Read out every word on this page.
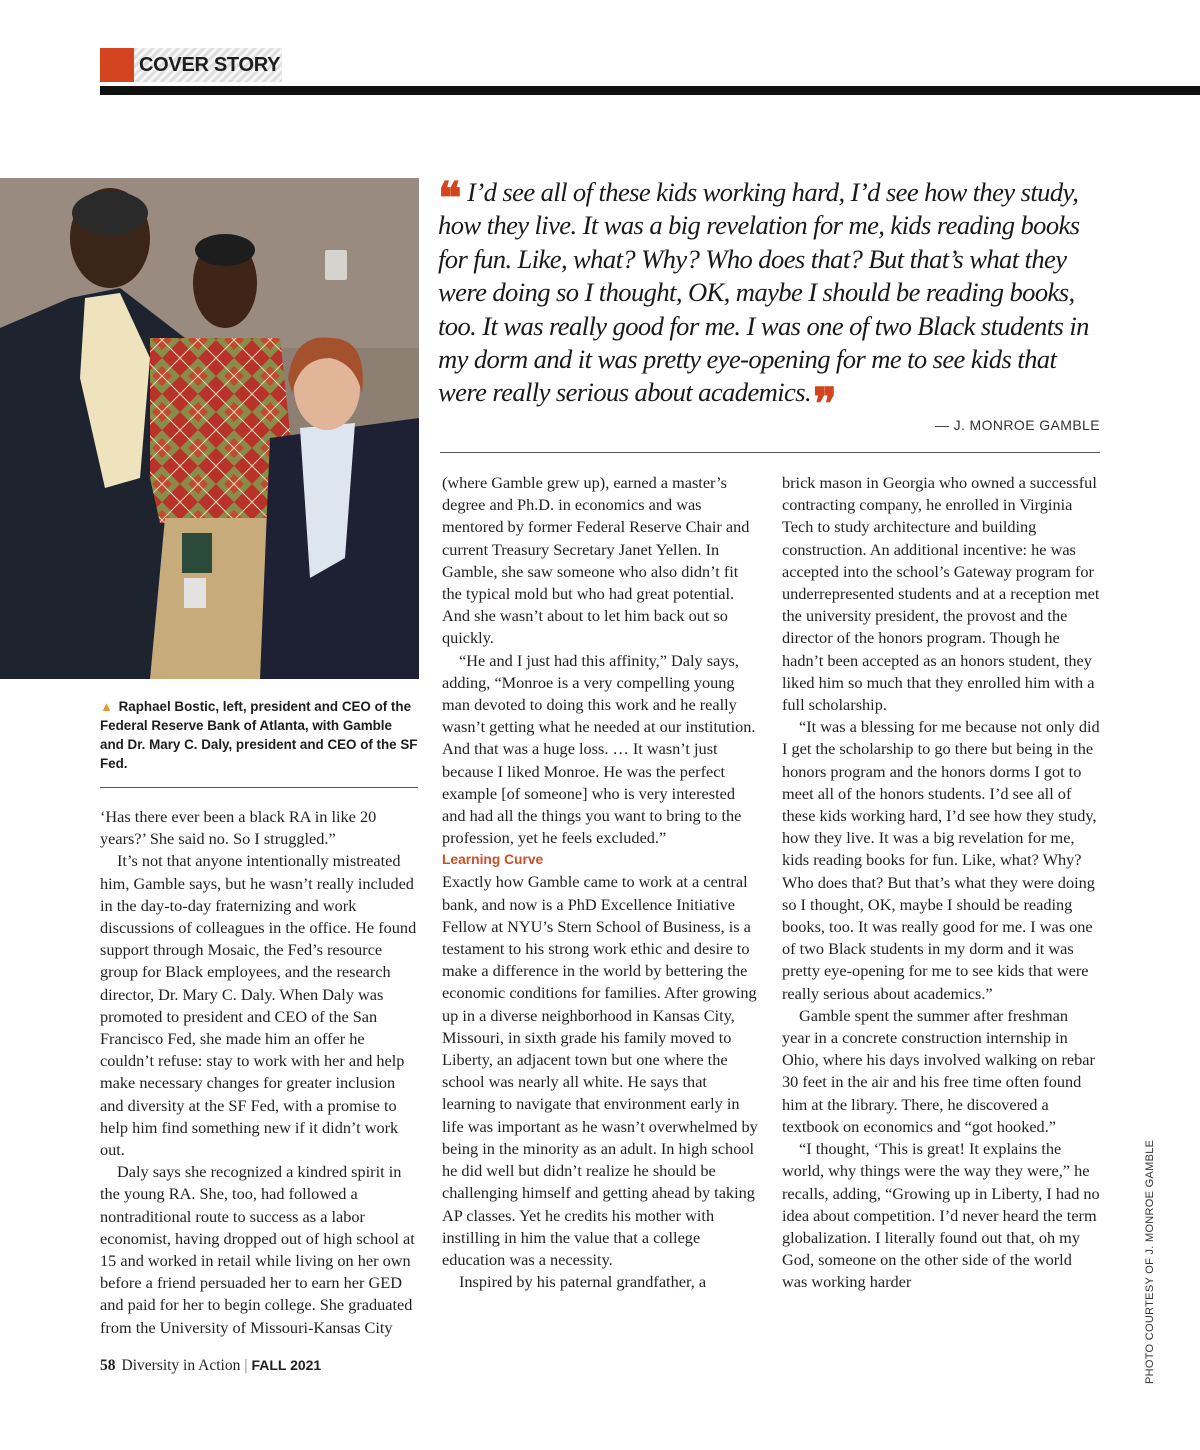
COVER STORY
▲ Raphael Bostic, left, president and CEO of the Federal Reserve Bank of Atlanta, with Gamble and Dr. Mary C. Daly, president and CEO of the SF Fed.
❝ I’d see all of these kids working hard, I’d see how they study, how they live. It was a big revelation for me, kids reading books for fun. Like, what? Why? Who does that? But that’s what they were doing so I thought, OK, maybe I should be reading books, too. It was really good for me. I was one of two Black students in my dorm and it was pretty eye-opening for me to see kids that were really serious about academics.❞	— J. MONROE GAMBLE

‘Has there ever been a black RA in like 20 years?’ She said no. So I struggled.”

It’s not that anyone intentionally mistreated him, Gamble says, but he wasn’t really included in the day-to-day fraternizing and work discussions of colleagues in the office. He found support through Mosaic, the Fed’s resource group for Black employees, and the research director, Dr. Mary C. Daly. When Daly was promoted to president and CEO of the San Francisco Fed, she made him an offer he couldn’t refuse: stay to work with her and help make necessary changes for greater inclusion and diversity at the SF Fed, with a promise to help him find something new if it didn’t work out.

Daly says she recognized a kindred spirit in the young RA. She, too, had followed a nontraditional route to success as a labor economist, having dropped out of high school at 15 and worked in retail while living on her own before a friend persuaded her to earn her GED and paid for her to begin college. She graduated from the University of Missouri-Kansas City

(where Gamble grew up), earned a master’s degree and Ph.D. in economics and was mentored by former Federal Reserve Chair and current Treasury Secretary Janet Yellen. In Gamble, she saw someone who also didn’t fit the typical mold but who had great potential. And she wasn’t about to let him back out so quickly.

“He and I just had this affinity,” Daly says, adding, “Monroe is a very compelling young man devoted to doing this work and he really wasn’t getting what he needed at our institution. And that was a huge loss. … It wasn’t just because I liked Monroe. He was the perfect example [of someone] who is very interested and had all the things you want to bring to the profession, yet he feels excluded.”

Learning Curve

Exactly how Gamble came to work at a central bank, and now is a PhD Excellence Initiative Fellow at NYU’s Stern School of Business, is a testament to his strong work ethic and desire to make a difference in the world by bettering the economic conditions for families. After growing up in a diverse neighborhood in Kansas City, Missouri, in sixth grade his family moved to Liberty, an adjacent town but one where the school was nearly all white. He says that learning to navigate that environment early in life was important as he wasn’t overwhelmed by being in the minority as an adult. In high school he did well but didn’t realize he should be challenging himself and getting ahead by taking AP classes. Yet he credits his mother with instilling in him the value that a college education was a necessity.

Inspired by his paternal grandfather, a

brick mason in Georgia who owned a successful contracting company, he enrolled in Virginia Tech to study architecture and building construction. An additional incentive: he was accepted into the school’s Gateway program for underrepresented students and at a reception met the university president, the provost and the director of the honors program. Though he hadn’t been accepted as an honors student, they liked him so much that they enrolled him with a full scholarship.

“It was a blessing for me because not only did I get the scholarship to go there but being in the honors program and the honors dorms I got to meet all of the honors students. I’d see all of these kids working hard, I’d see how they study, how they live. It was a big revelation for me, kids reading books for fun. Like, what? Why? Who does that? But that’s what they were doing so I thought, OK, maybe I should be reading books, too. It was really good for me. I was one of two Black students in my dorm and it was pretty eye-opening for me to see kids that were really serious about academics.”

Gamble spent the summer after freshman year in a concrete construction internship in Ohio, where his days involved walking on rebar 30 feet in the air and his free time often found him at the library. There, he discovered a textbook on economics and “got hooked.”

“I thought, ‘This is great! It explains the world, why things were the way they were,” he recalls, adding, “Growing up in Liberty, I had no idea about competition. I’d never heard the term globalization. I literally found out that, oh my God, someone on the other side of the world was working harder	PHOTO COURTESY OF J. MONROE GAMBLE
58 Diversity in Action | FALL 2021
